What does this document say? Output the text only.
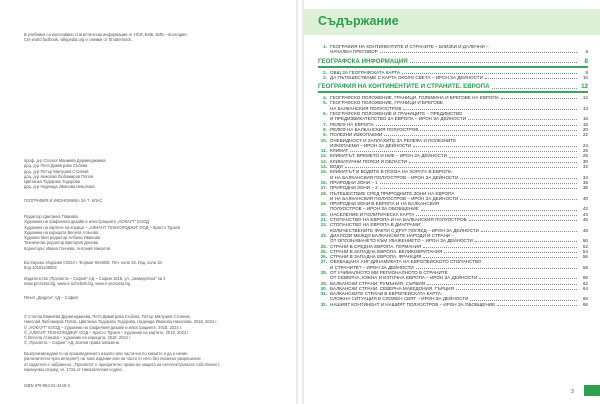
В учебника са използвани статистически информации от НСИ, БНБ, ЕИБ – България,
CIA world factbook, wikipedia.org и снимки от Shutterstock.
проф. д-р Стелла Маниева Дерменджиева
доц. д-р Петя Димитрова Събева
доц. д-р Петър Милушев Стоянов
доц. д-р Николай Любомиров Попов
Цветанка Тодорова Тодорова
доц. д-р Надежда Иванова Николова
ГЕОГРАФИЯ И ИКОНОМИКА ЗА 7. КЛАС
Редактор Цветанка Павкова
Художник на графичния дизайн и илюстрациите „НОКАУТ“ ЕООД
Художник на картите на корица – „АЛИАНТ ТЕХНОЛОДЖИ“ ООД – Кристо Турзев
Художник на корицата Весела Атанова
Художествен редактор Албена Иванова
Технически редактор Виктория Донева
Коректори: Ивана Гончева, Антоний Николов
Българска. Издание I/2024 г. Формат 60х90/8. Печ. коли 18. Изд. коли 18.
Код 10101108002
Издателство „Просвета – София“ АД – София 1618, ул. „Земеделска“ № 2
www.prosveta.bg, www.e-uchebnik.bg, www.e-prosveta.bg
Печат „Дедрон“ АД – София
© Стелла Маниева Дерменджиева, Петя Димитрова Събева, Петър Милушев Стоянов,
Николай Любомиров Попов, Цветанка Тодорова Тодорова, Надежда Иванова Николова, 2018, 2024 г.
© „НОКАУТ“ ЕООД – художник на графичния дизайн и илюстрациите, 2018, 2024 г.
© „АЛИАНТ ТЕХНОЛОДЖИ“ ООД – Кристо Турзев – художник на картите, 2018, 2024 г.
© Весела Атанова – художник на корицата, 2018, 2024 г.
© „Просвета – София“ АД, всички права запазени.
Възпроизвеждането на произведението изцяло или частично по какъвто и да е начин
(включително чрез интернет) на това издание или на части от него без писмено разрешение
от издателя е забранено. „Просвета“ е приоритетно право на защита на интелектуалната собственост,
наказуемо според чл. 172а от Наказателния кодекс.
ISBN 978-954-01-4440-3
Съдържание
1. ГЕОГРАФИЯ НА КОНТИНЕНТИТЕ И СТРАНИТЕ – БЛИЗКИ И ДАЛЕЧНИ –
НАЧАЛЕН ПРЕГОВОР	6
ГЕОГРАФСКА ИНФОРМАЦИЯ	8
2. ОБЩ ЗА ГЕОГРАФСКАТА КАРТА	8
3. ДА ПЪТЕШЕСТВАМЕ С КАРТА ОКОЛО СВЕТА – ИРОН ЗА ДЕЙНОСТИ	10
ГЕОГРАФИЯ НА КОНТИНЕНТИТЕ И СТРАНИТЕ. ЕВРОПА	12
4. ГЕОГРАФСКО ПОЛОЖЕНИЕ, ГРАНИЦИ, ГОЛЕМИНА И БРЕГОВЕ НА ЕВРОПА	12
5. ГЕОГРАФСКО ПОЛОЖЕНИЕ, ГРАНИЦИ И БРЕГОВЕ
НА БАЛКАНСКИЯ ПОЛУОСТРОВ	14
6. ГЕОГРАФСКО ПОЛОЖЕНИЕ И ГРАНИЦИТЕ – ПРЕДИМСТВО
И ПРЕДИЗВИКАТЕЛСТВО ЗА ЕВРОПА – ИРОН ЗА ДЕЙНОСТИ	16
7. РЕЛЕФ НА ЕВРОПА	18
8. РЕЛЕФ НА БАЛКАНСКИЯ ПОЛУОСТРОВ	20
9. ПОЛЕЗНИ ИЗКОПАЕМИ	22
10. ОЧЕВИДНОСТ И ЗАПЛАХИТЕ ЗА РЕЛЕФА И ПОЛЕЗНИТЕ
ИЗКОПАЕМИ – ИРОН ЗА ДЕЙНОСТИ	24
11. КЛИМАТ	26
12. КЛИМАТЪТ, ВРЕМЕТО И НИЕ – ИРОН ЗА ДЕЙНОСТИ	28
13. КЛИМАТИЧНИ ПОЯСИ И ОБЛАСТИ	30
14. ВОДИ	32
15. КЛИМАТЪТ И ВОДИТЕ В ПОЛЗА НА ХОРАТА В ЕВРОПА
И НА БАЛКАНСКИЯ ПОЛУОСТРОВ – ИРОН ЗА ДЕЙНОСТИ	34
16. ПРИРОДНИ ЗОНИ – 1	36
17. ПРИРОДНИ ЗОНИ – 2	38
18. ПЪТЕШЕСТВИЕ СРЕД ПРИРОДНИТЕ ЗОНИ НА ЕВРОПА
И НА БАЛКАНСКИЯ ПОЛУОСТРОВ – ИРОН ЗА ДЕЙНОСТИ	40
19. ПРИРОДНИ ЗОНИ В ЕВРОПА И НА БАЛКАНСКИЯ
ПОЛУОСТРОВ – ИРОН ЗА ОБОБЩЕНИЕ	42
20. НАСЕЛЕНИЕ И ПОЛИТИЧЕСКА КАРТА	44
21. СТОПАНСТВО НА ЕВРОПА И НА БАЛКАНСКИЯ ПОЛУОСТРОВ	46
22. СТОПАНСТВО НА ЕВРОПА В ДИАГРАМИ:
КОЛИЧЕСТВЕНИТЕ ФАКТИ С ДРУГ ПОГЛЕД – ИРОН ЗА ДЕЙНОСТИ	48
23. ДИАЛОЗИ МЕЖДУ БАЛКАНСКИТЕ НАРОДИ И СТРАНИ –
ОТ ОПОЗНАВАНЕТО КЪМ УВАЖЕНИЕТО – ИРОН ЗА ДЕЙНОСТИ	50
24. СТРАНИ В СРЕДНА ЕВРОПА. ГЕРМАНИЯ	52
25. СТРАНИ В ЗАПАДНА ЕВРОПА. ВЕЛИКОБРИТАНИЯ	54
26. СТРАНИ В ЗАПАДНА ЕВРОПА. ФРАНЦИЯ	56
27. ОБХВАЩАНА АНГ ДИНАМИКАТА НА ЕВРОПЕЙСКОТО СТОПАНСТВО
И СТРАНИТЕ? – ИРОН ЗА ДЕЙНОСТИ	58
28. ОТ УЧИМАЛНОТО МИ РЕГИОНАЛНОТО В СТРАНИТЕ
ОТ СЕВЕРНА, ЮЖНА И ИЗТОЧНА ЕВРОПА – ИРОН ЗА ДЕЙНОСТИ	60
29. БАЛКАНСКИ СТРАНИ. РУМЪНИЯ. СЪРБИЯ	62
30. БАЛКАНСКИ СТРАНИ. СЕВЕРНА МАКЕДОНИЯ. ГЪРЦИЯ	64
31. БАЛКАНСКИТЕ СТРАНИ В ЕВРОПЕЙСКАТА КАРТА:
СЛОЖНА СИТУАЦИЯ В СЛОЖЕН СВЯТ – ИРОН ЗА ДЕЙНОСТИ	66
32. НАШИЯТ КОНТИНЕНТ И НАШИЯТ ПОЛУОСТРОВ – ИРОН ЗА ОБОБЩЕНИЕ	68
3
